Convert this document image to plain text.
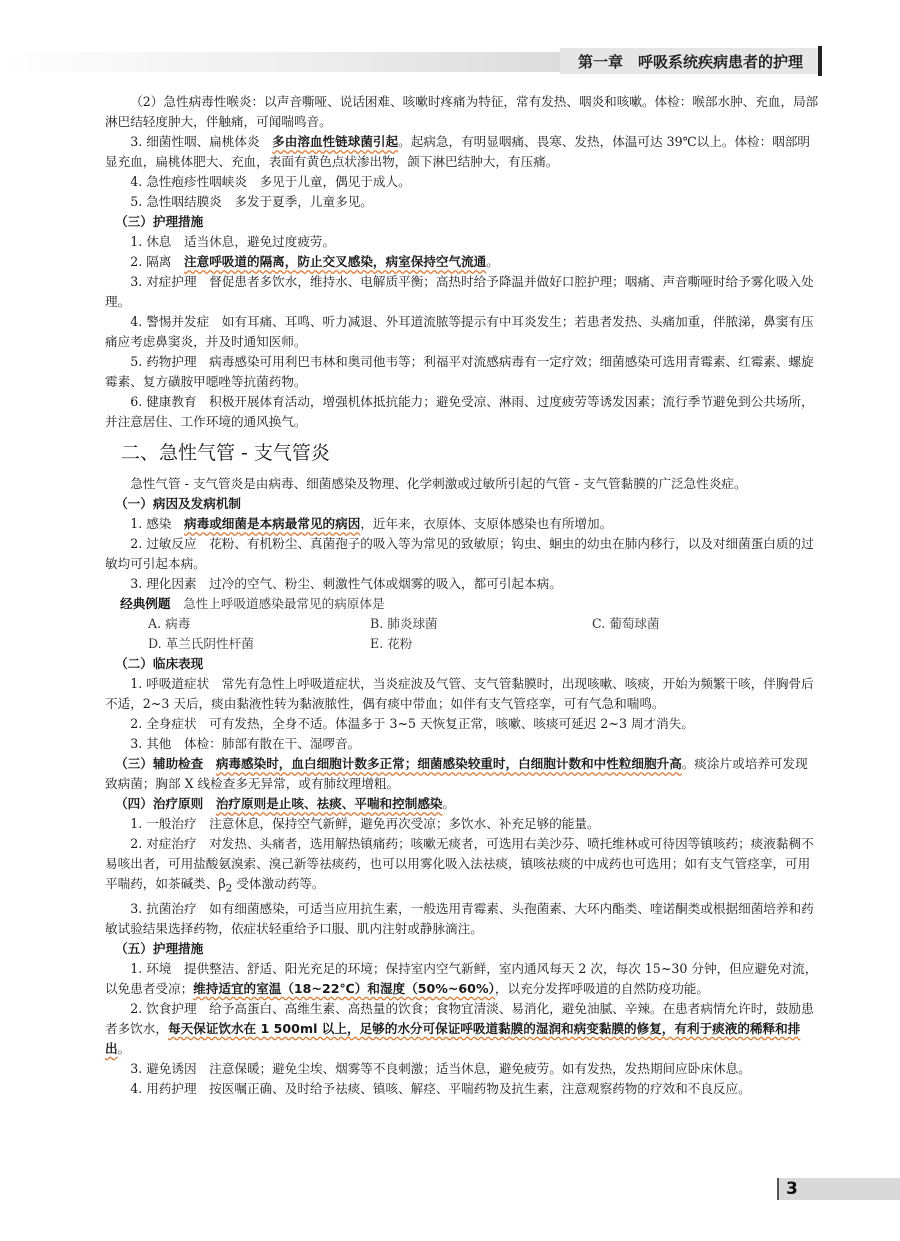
第一章　呼吸系统疾病患者的护理

（2）急性病毒性喉炎：以声音嘶哑、说话困难、咳嗽时疼痛为特征，常有发热、咽炎和咳嗽。体检：喉部水肿、充血，局部淋巴结轻度肿大，伴触痛，可闻喘鸣音。

3. 细菌性咽、扁桃体炎　多由溶血性链球菌引起。起病急，有明显咽痛、畏寒、发热，体温可达 39℃以上。体检：咽部明显充血，扁桃体肥大、充血，表面有黄色点状渗出物，颌下淋巴结肿大，有压痛。

4. 急性疱疹性咽峡炎　多见于儿童，偶见于成人。

5. 急性咽结膜炎　多发于夏季，儿童多见。

（三）护理措施

1. 休息　适当休息，避免过度疲劳。

2. 隔离　注意呼吸道的隔离，防止交叉感染，病室保持空气流通。

3. 对症护理　督促患者多饮水，维持水、电解质平衡；高热时给予降温并做好口腔护理；咽痛、声音嘶哑时给予雾化吸入处理。

4. 警惕并发症　如有耳痛、耳鸣、听力减退、外耳道流脓等提示有中耳炎发生；若患者发热、头痛加重，伴脓涕，鼻窦有压痛应考虑鼻窦炎，并及时通知医师。

5. 药物护理　病毒感染可用利巴韦林和奥司他韦等；利福平对流感病毒有一定疗效；细菌感染可选用青霉素、红霉素、螺旋霉素、复方磺胺甲噁唑等抗菌药物。

6. 健康教育　积极开展体育活动，增强机体抵抗能力；避免受凉、淋雨、过度疲劳等诱发因素；流行季节避免到公共场所，并注意居住、工作环境的通风换气。

二、急性气管 - 支气管炎

急性气管 - 支气管炎是由病毒、细菌感染及物理、化学刺激或过敏所引起的气管 - 支气管黏膜的广泛急性炎症。

（一）病因及发病机制

1. 感染　病毒或细菌是本病最常见的病因，近年来，衣原体、支原体感染也有所增加。

2. 过敏反应　花粉、有机粉尘、真菌孢子的吸入等为常见的致敏原；钩虫、蛔虫的幼虫在肺内移行，以及对细菌蛋白质的过敏均可引起本病。

3. 理化因素　过冷的空气、粉尘、刺激性气体或烟雾的吸入，都可引起本病。

经典例题　 急性上呼吸道感染最常见的病原体是

A. 病毒	B. 肺炎球菌	C. 葡萄球菌
D. 革兰氏阴性杆菌	E. 花粉

（二）临床表现

1. 呼吸道症状　常先有急性上呼吸道症状，当炎症波及气管、支气管黏膜时，出现咳嗽、咳痰，开始为频繁干咳，伴胸骨后不适，2~3 天后，痰由黏液性转为黏液脓性，偶有痰中带血；如伴有支气管痉挛，可有气急和喘鸣。

2. 全身症状　可有发热，全身不适。体温多于 3~5 天恢复正常，咳嗽、咳痰可延迟 2~3 周才消失。

3. 其他　体检：肺部有散在干、湿啰音。

（三）辅助检查　病毒感染时，血白细胞计数多正常；细菌感染较重时，白细胞计数和中性粒细胞升高。痰涂片或培养可发现致病菌；胸部 X 线检查多无异常，或有肺纹理增粗。

（四）治疗原则　治疗原则是止咳、祛痰、平喘和控制感染。

1. 一般治疗　注意休息，保持空气新鲜，避免再次受凉；多饮水、补充足够的能量。

2. 对症治疗　对发热、头痛者，选用解热镇痛药；咳嗽无痰者，可选用右美沙芬、喷托维林或可待因等镇咳药；痰液黏稠不易咳出者，可用盐酸氨溴索、溴己新等祛痰药，也可以用雾化吸入法祛痰，镇咳祛痰的中成药也可选用；如有支气管痉挛，可用平喘药，如茶碱类、$\beta_2$ 受体激动药等。

3. 抗菌治疗　如有细菌感染，可适当应用抗生素，一般选用青霉素、头孢菌素、大环内酯类、喹诺酮类或根据细菌培养和药敏试验结果选择药物，依症状轻重给予口服、肌内注射或静脉滴注。

（五）护理措施

1. 环境　提供整洁、舒适、阳光充足的环境；保持室内空气新鲜，室内通风每天 2 次，每次 15~30 分钟，但应避免对流，以免患者受凉；维持适宜的室温（18~22℃）和湿度（50%~60%），以充分发挥呼吸道的自然防疫功能。

2. 饮食护理　给予高蛋白、高维生素、高热量的饮食；食物宜清淡、易消化，避免油腻、辛辣。在患者病情允许时，鼓励患者多饮水，每天保证饮水在 1 500ml 以上，足够的水分可保证呼吸道黏膜的湿润和病变黏膜的修复，有利于痰液的稀释和排出。

3. 避免诱因　注意保暖；避免尘埃、烟雾等不良刺激；适当休息，避免疲劳。如有发热，发热期间应卧床休息。

4. 用药护理　按医嘱正确、及时给予祛痰、镇咳、解痉、平喘药物及抗生素，注意观察药物的疗效和不良反应。

3
